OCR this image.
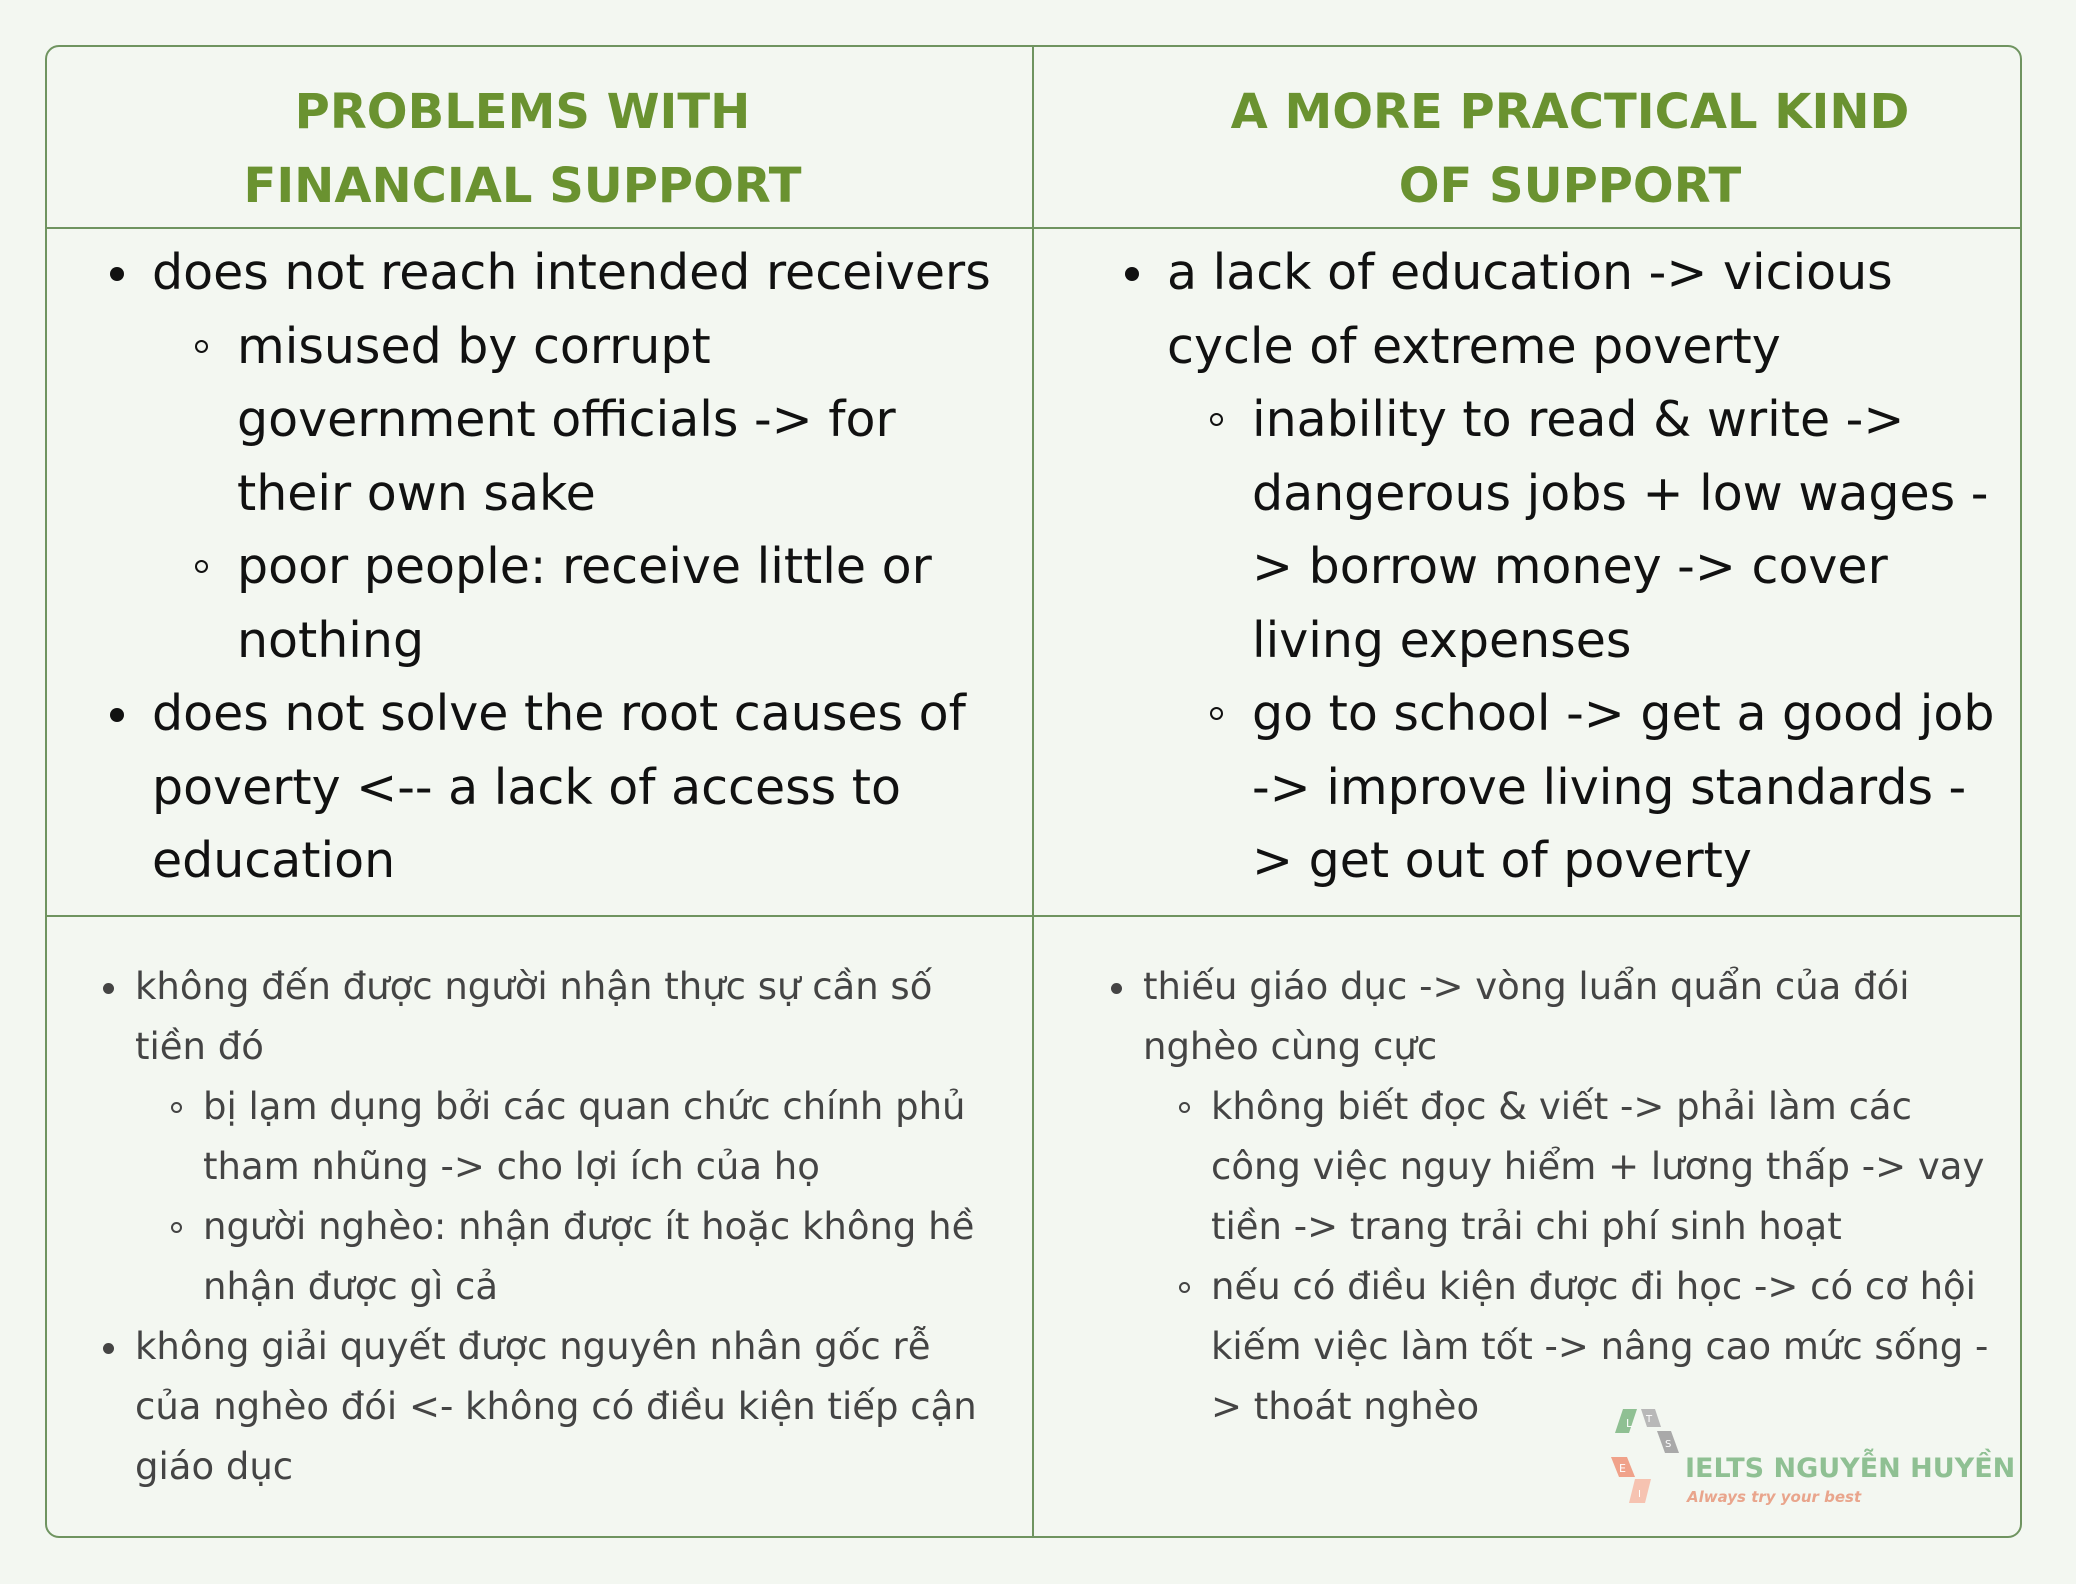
PROBLEMS WITH FINANCIAL SUPPORT
A MORE PRACTICAL KIND OF SUPPORT
does not reach intended receivers
misused by corrupt government officials -> for their own sake
poor people: receive little or nothing
does not solve the root causes of poverty <-- a lack of access to education
a lack of education -> vicious cycle of extreme poverty
inability to read & write -> dangerous jobs + low wages -> borrow money -> cover living expenses
go to school -> get a good job -> improve living standards -> get out of poverty
không đến được người nhận thực sự cần số tiền đó
bị lạm dụng bởi các quan chức chính phủ tham nhũng -> cho lợi ích của họ
người nghèo: nhận được ít hoặc không hề nhận được gì cả
không giải quyết được nguyên nhân gốc rễ của nghèo đói <- không có điều kiện tiếp cận giáo dục
thiếu giáo dục -> vòng luẩn quẩn của đói nghèo cùng cực
không biết đọc & viết -> phải làm các công việc nguy hiểm + lương thấp -> vay tiền -> trang trải chi phí sinh hoạt
nếu có điều kiện được đi học -> có cơ hội kiếm việc làm tốt -> nâng cao mức sống -> thoát nghèo	L T
S
E
I
IELTS NGUYỄN HUYỀN
Always try your best
